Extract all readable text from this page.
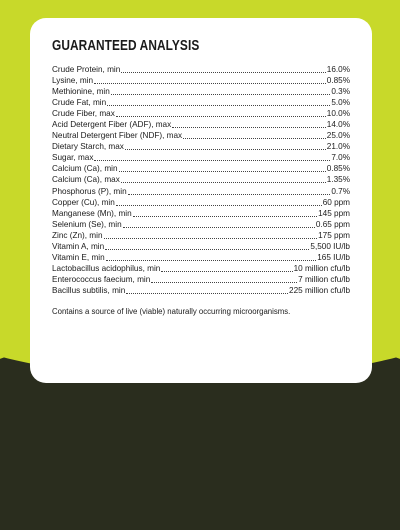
GUARANTEED ANALYSIS
Crude Protein, min	16.0%
Lysine, min	0.85%
Methionine, min	0.3%
Crude Fat, min	5.0%
Crude Fiber, max	10.0%
Acid Detergent Fiber (ADF), max	14.0%
Neutral Detergent Fiber (NDF), max	25.0%
Dietary Starch, max	21.0%
Sugar, max	7.0%
Calcium (Ca), min	0.85%
Calcium (Ca), max	1.35%
Phosphorus (P), min	0.7%
Copper (Cu), min	60 ppm
Manganese (Mn), min	145 ppm
Selenium (Se), min	0.65 ppm
Zinc (Zn), min	175 ppm
Vitamin A, min	5,500 IU/lb
Vitamin E, min	165 IU/lb
Lactobacillus acidophilus, min	10 million cfu/lb
Enterococcus faecium, min	7 million cfu/lb
Bacillus subtilis, min	225 million cfu/lb
Contains a source of live (viable) naturally occurring microorganisms.
